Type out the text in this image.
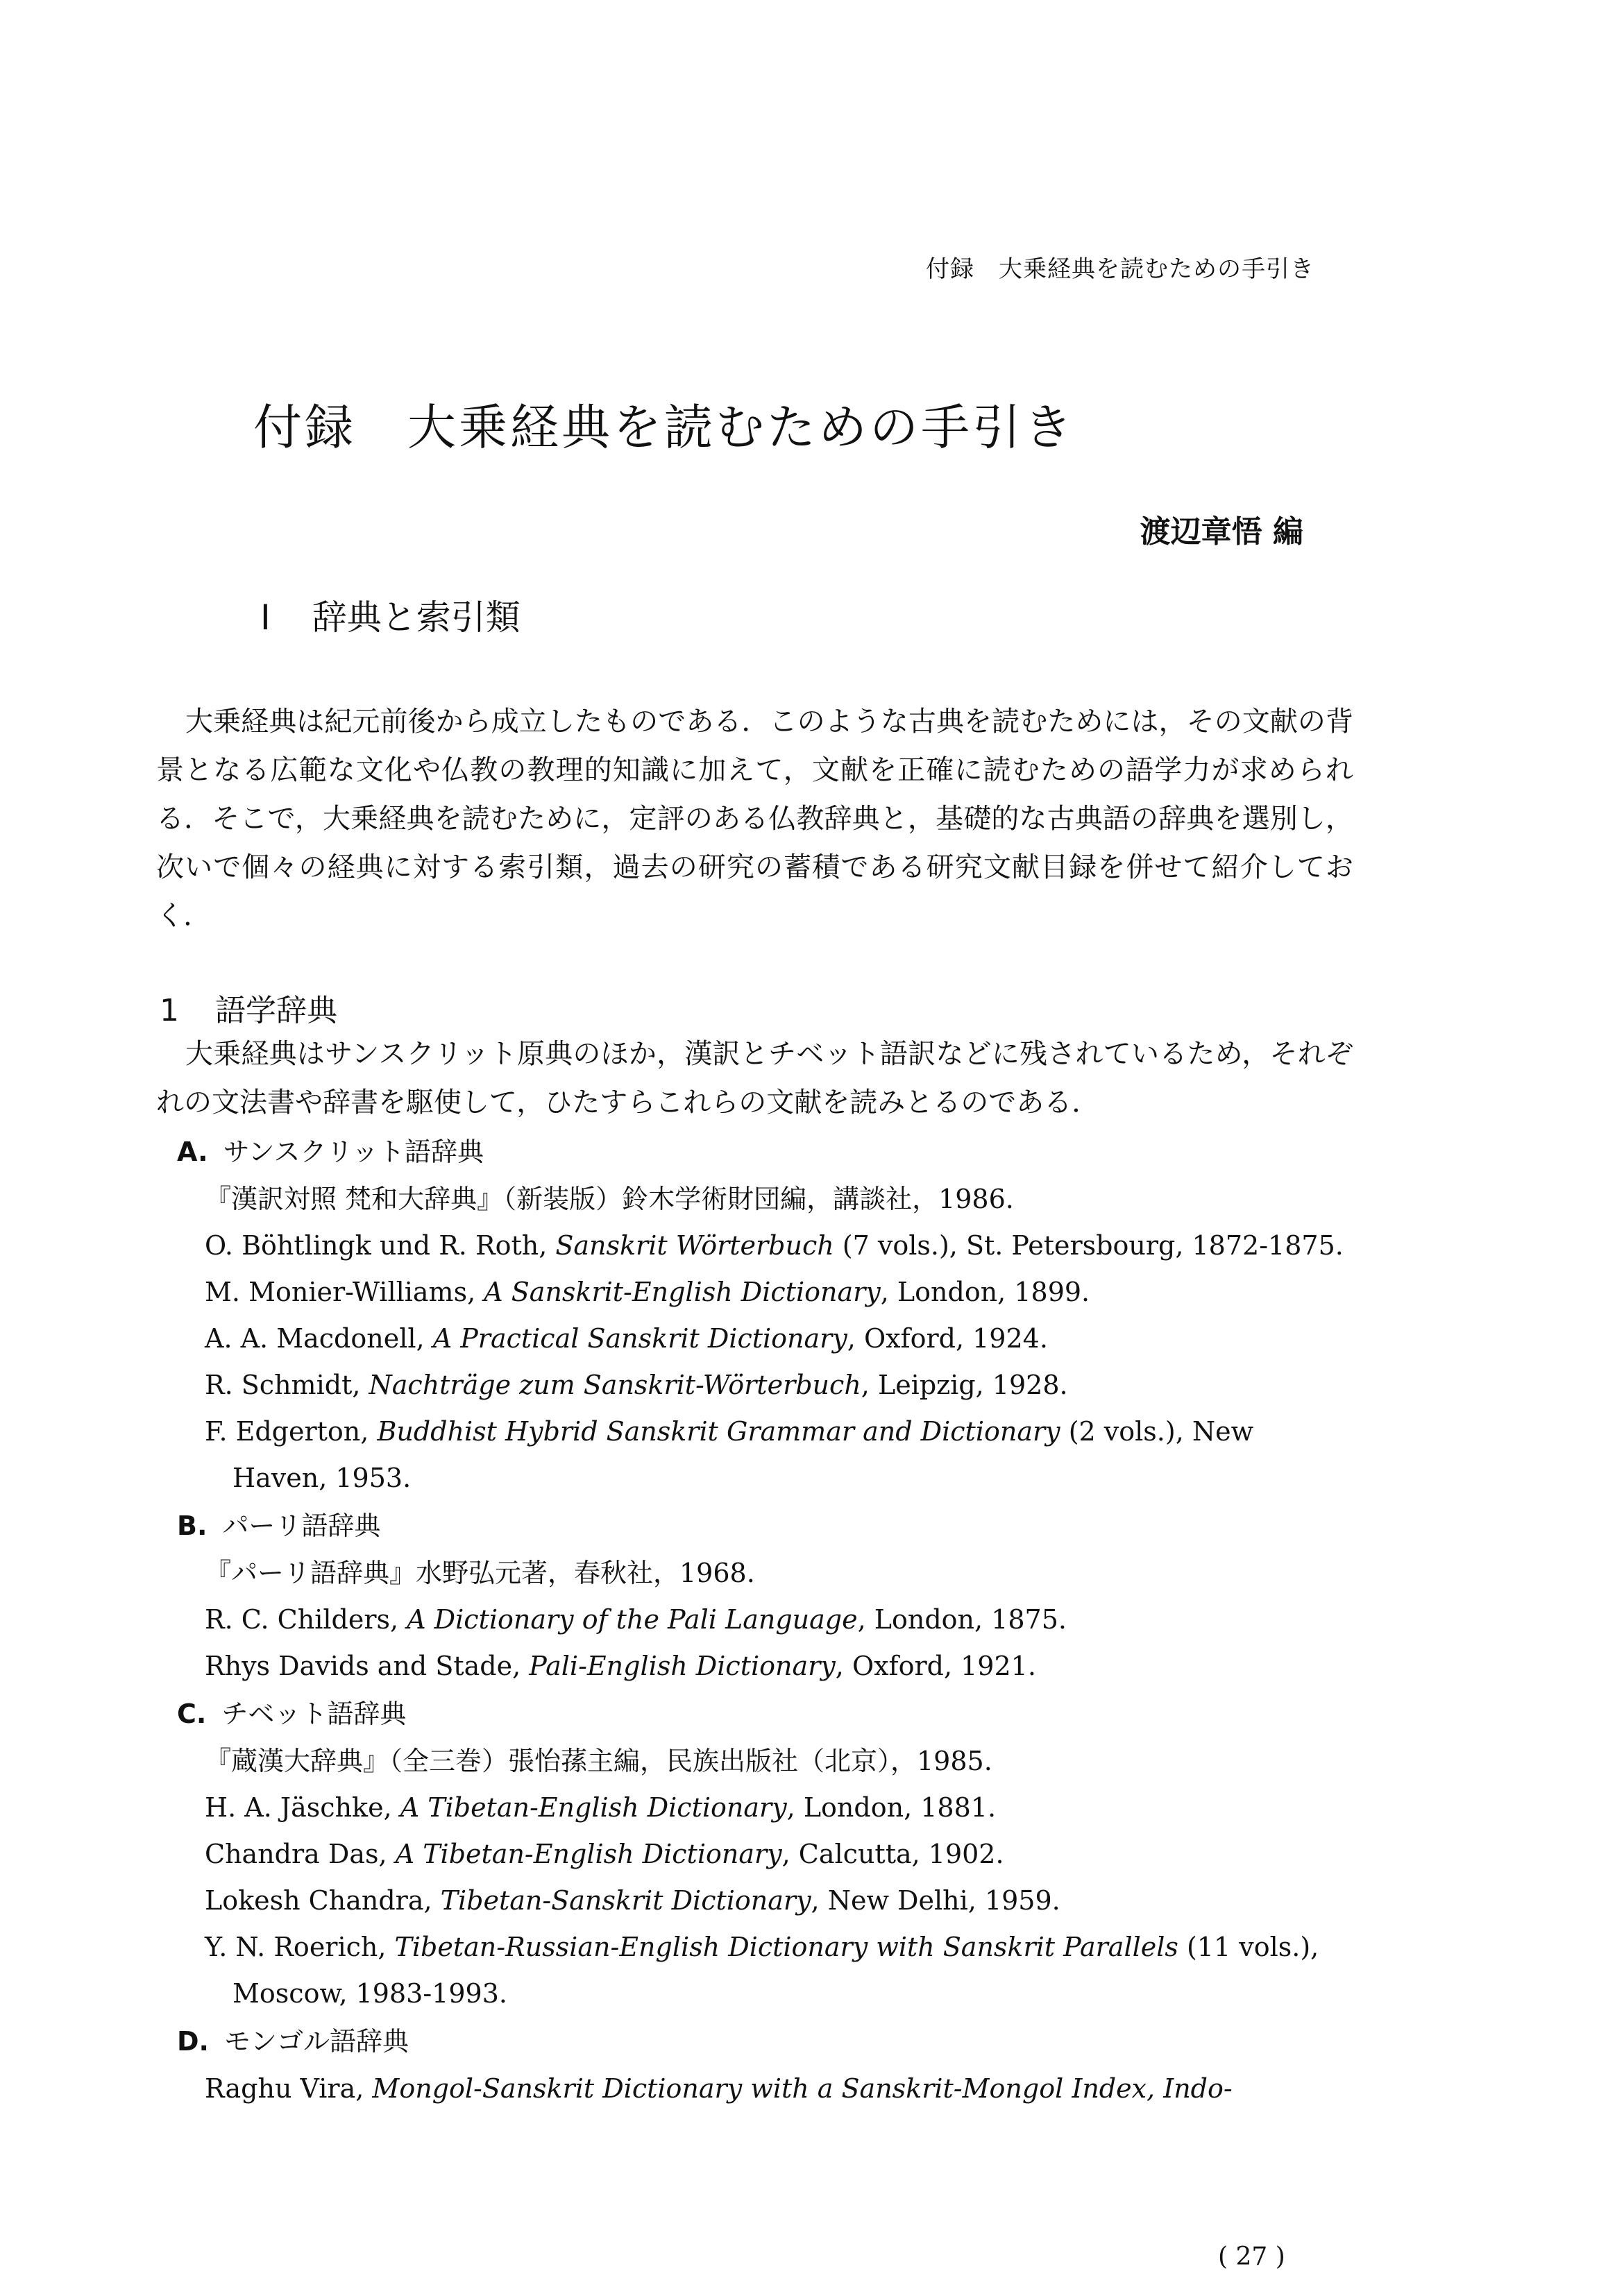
付録　大乗経典を読むための手引き
付録　大乗経典を読むための手引き
渡辺章悟 編
Ⅰ 辞典と索引類

大乗経典は紀元前後から成立したものである．このような古典を読むためには，その文献の背景となる広範な文化や仏教の教理的知識に加えて，文献を正確に読むための語学力が求められる．そこで，大乗経典を読むために，定評のある仏教辞典と，基礎的な古典語の辞典を選別し，次いで個々の経典に対する索引類，過去の研究の蓄積である研究文献目録を併せて紹介しておく．

1 語学辞典

大乗経典はサンスクリット原典のほか，漢訳とチベット語訳などに残されているため，それぞれの文法書や辞書を駆使して，ひたすらこれらの文献を読みとるのである．

A. サンスクリット語辞典
『漢訳対照 梵和大辞典』（新装版）鈴木学術財団編，講談社，1986.
O. Böhtlingk und R. Roth, Sanskrit Wörterbuch (7 vols.), St. Petersbourg, 1872-1875.
M. Monier-Williams, A Sanskrit-English Dictionary, London, 1899.
A. A. Macdonell, A Practical Sanskrit Dictionary, Oxford, 1924.
R. Schmidt, Nachträge zum Sanskrit-Wörterbuch, Leipzig, 1928.
F. Edgerton, Buddhist Hybrid Sanskrit Grammar and Dictionary (2 vols.), New Haven, 1953.
B. パーリ語辞典
『パーリ語辞典』水野弘元著，春秋社，1968.
R. C. Childers, A Dictionary of the Pali Language, London, 1875.
Rhys Davids and Stade, Pali-English Dictionary, Oxford, 1921.
C. チベット語辞典
『蔵漢大辞典』（全三巻）張怡蓀主編，民族出版社（北京），1985.
H. A. Jäschke, A Tibetan-English Dictionary, London, 1881.
Chandra Das, A Tibetan-English Dictionary, Calcutta, 1902.
Lokesh Chandra, Tibetan-Sanskrit Dictionary, New Delhi, 1959.
Y. N. Roerich, Tibetan-Russian-English Dictionary with Sanskrit Parallels (11 vols.), Moscow, 1983-1993.
D. モンゴル語辞典
Raghu Vira, Mongol-Sanskrit Dictionary with a Sanskrit-Mongol Index, Indo-
( 27 )
